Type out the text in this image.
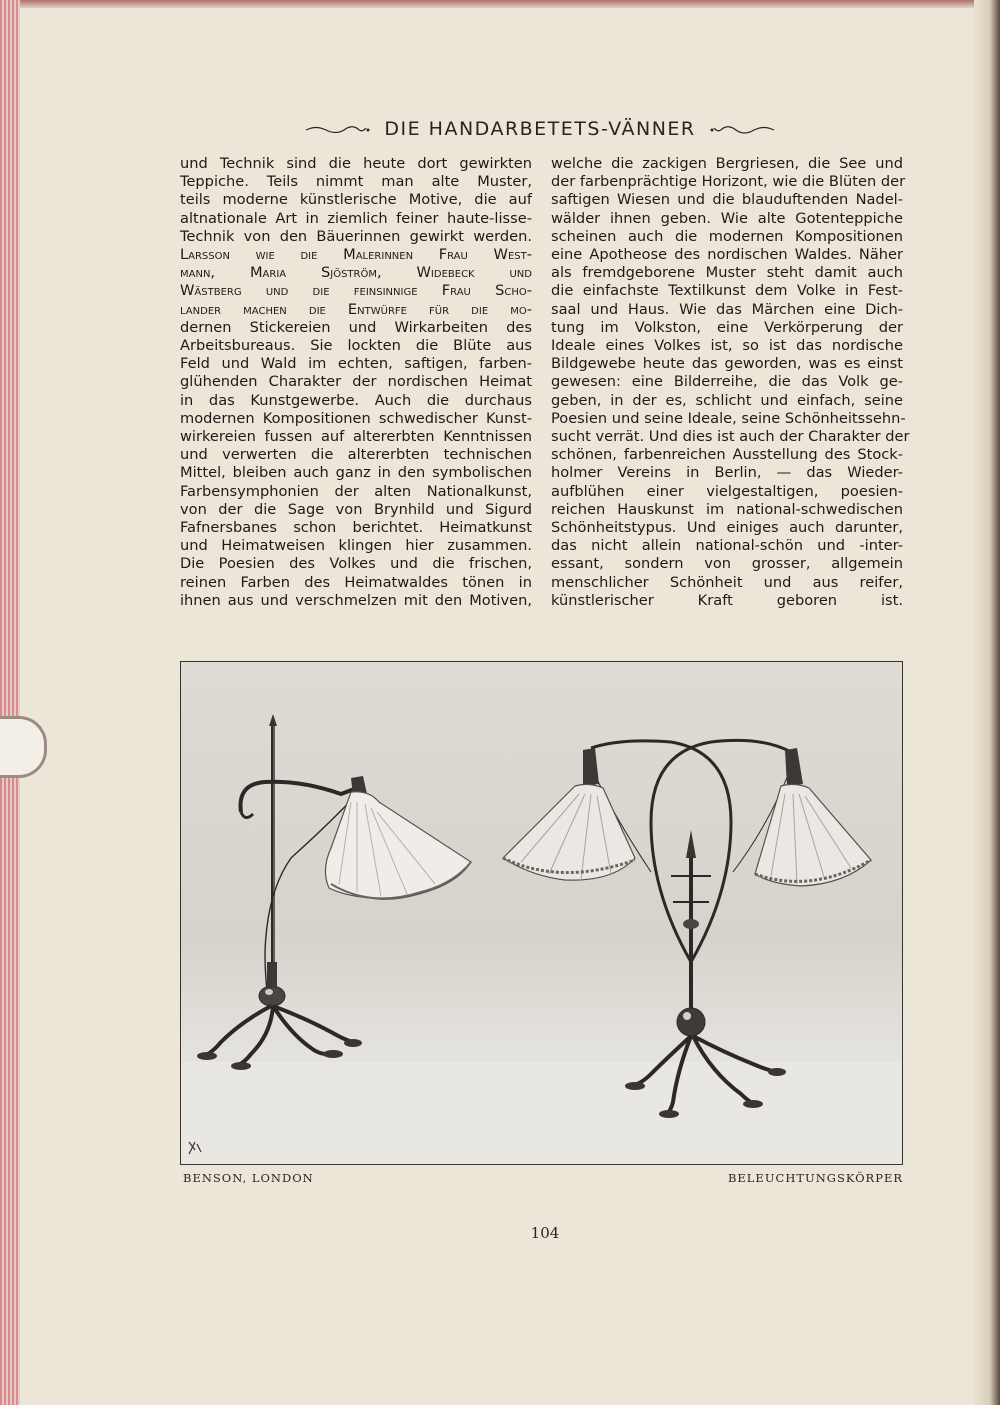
DIE HANDARBETETS-VÄNNER

und Technik sind die heute dort gewirkten

Teppiche. Teils nimmt man alte Muster,

teils moderne künstlerische Motive, die auf

altnationale Art in ziemlich feiner haute-lisse-

Technik von den Bäuerinnen gewirkt werden.

Larsson wie die Malerinnen Frau West-

mann, Maria Sjöström, Widebeck und

Wästberg und die feinsinnige Frau Scho-

lander machen die Entwürfe für die mo-

dernen Stickereien und Wirkarbeiten des

Arbeitsbureaus. Sie lockten die Blüte aus

Feld und Wald im echten, saftigen, farben-

glühenden Charakter der nordischen Heimat

in das Kunstgewerbe. Auch die durchaus

modernen Kompositionen schwedischer Kunst-

wirkereien fussen auf altererbten Kenntnissen

und verwerten die altererbten technischen

Mittel, bleiben auch ganz in den symbolischen

Farbensymphonien der alten Nationalkunst,

von der die Sage von Brynhild und Sigurd

Fafnersbanes schon berichtet. Heimatkunst

und Heimatweisen klingen hier zusammen.

Die Poesien des Volkes und die frischen,

reinen Farben des Heimatwaldes tönen in

ihnen aus und verschmelzen mit den Motiven,

welche die zackigen Bergriesen, die See und

der farbenprächtige Horizont, wie die Blüten der

saftigen Wiesen und die blauduftenden Nadel-

wälder ihnen geben. Wie alte Gotenteppiche

scheinen auch die modernen Kompositionen

eine Apotheose des nordischen Waldes. Näher

als fremdgeborene Muster steht damit auch

die einfachste Textilkunst dem Volke in Fest-

saal und Haus. Wie das Märchen eine Dich-

tung im Volkston, eine Verkörperung der

Ideale eines Volkes ist, so ist das nordische

Bildgewebe heute das geworden, was es einst

gewesen: eine Bilderreihe, die das Volk ge-

geben, in der es, schlicht und einfach, seine

Poesien und seine Ideale, seine Schönheitssehn-

sucht verrät. Und dies ist auch der Charakter der

schönen, farbenreichen Ausstellung des Stock-

holmer Vereins in Berlin, — das Wieder-

aufblühen einer vielgestaltigen, poesien-

reichen Hauskunst im national-schwedischen

Schönheitstypus. Und einiges auch darunter,

das nicht allein national-schön und -inter-

essant, sondern von grosser, allgemein

menschlicher Schönheit und aus reifer,

künstlerischer Kraft geboren ist.

BENSON, LONDON	BELEUCHTUNGSKÖRPER
104
